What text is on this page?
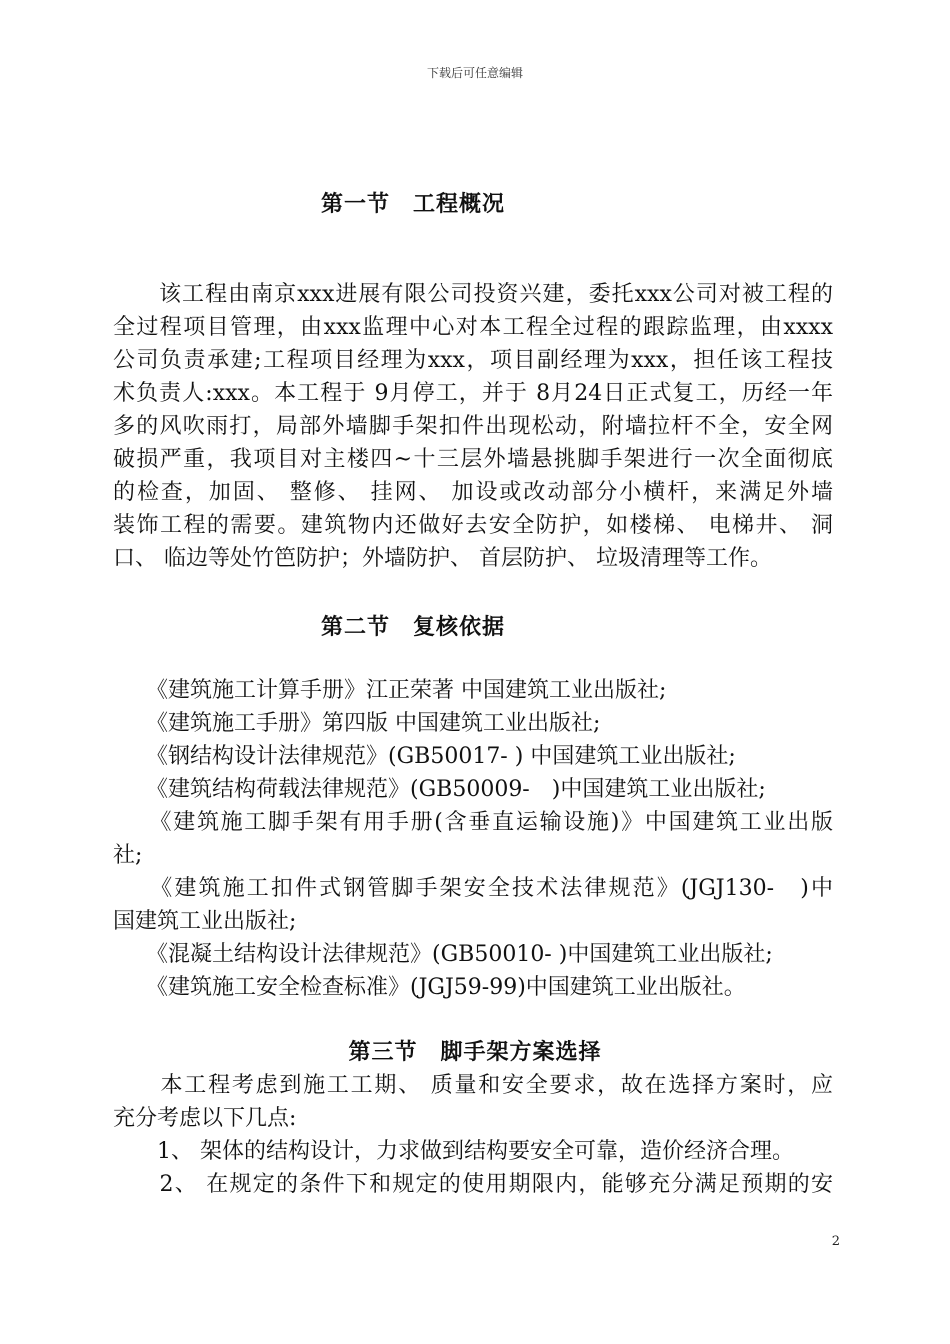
下载后可任意编辑
第一节　工程概况
　　该工程由南京xxx进展有限公司投资兴建，委托xxx公司对被工程的
全过程项目管理，由xxx监理中心对本工程全过程的跟踪监理，由xxxx
公司负责承建;工程项目经理为xxx，项目副经理为xxx，担任该工程技
术负责人:xxx。本工程于 9月停工，并于 8月24日正式复工，历经一年
多的风吹雨打，局部外墙脚手架扣件出现松动，附墙拉杆不全，安全网
破损严重，我项目对主楼四~十三层外墙悬挑脚手架进行一次全面彻底
的检查，加固、 整修、 挂网、 加设或改动部分小横杆，来满足外墙
装饰工程的需要。建筑物内还做好去安全防护，如楼梯、 电梯井、 洞
口、 临边等处竹笆防护；外墙防护、 首层防护、 垃圾清理等工作。
第二节　复核依据
　　《建筑施工计算手册》江正荣著 中国建筑工业出版社;
　　《建筑施工手册》第四版 中国建筑工业出版社;
　　《钢结构设计法律规范》(GB50017- ) 中国建筑工业出版社;
　　《建筑结构荷载法律规范》(GB50009-　)中国建筑工业出版社;
　　《建筑施工脚手架有用手册(含垂直运输设施)》中国建筑工业出版
社;
　　《建筑施工扣件式钢管脚手架安全技术法律规范》(JGJ130-　)中
国建筑工业出版社;
　　《混凝土结构设计法律规范》(GB50010- )中国建筑工业出版社;
　　《建筑施工安全检查标准》(JGJ59-99)中国建筑工业出版社。
第三节　脚手架方案选择
　　本工程考虑到施工工期、 质量和安全要求，故在选择方案时，应
充分考虑以下几点:
　　1、 架体的结构设计，力求做到结构要安全可靠，造价经济合理。
　　2、 在规定的条件下和规定的使用期限内，能够充分满足预期的安
2
